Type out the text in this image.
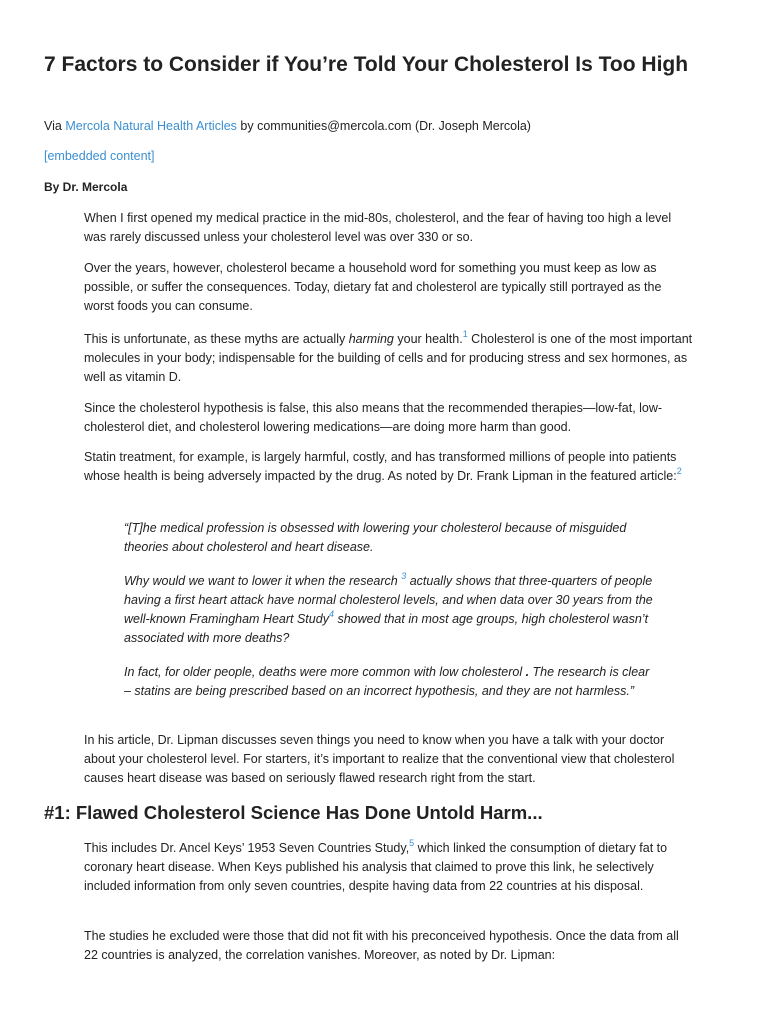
7 Factors to Consider if You’re Told Your Cholesterol Is Too High
Via Mercola Natural Health Articles by communities@mercola.com (Dr. Joseph Mercola)
[embedded content]
By Dr. Mercola

When I first opened my medical practice in the mid-80s, cholesterol, and the fear of having too high a level was rarely discussed unless your cholesterol level was over 330 or so.

Over the years, however, cholesterol became a household word for something you must keep as low as possible, or suffer the consequences. Today, dietary fat and cholesterol are typically still portrayed as the worst foods you can consume.

This is unfortunate, as these myths are actually harming your health.$^1$ Cholesterol is one of the most important molecules in your body; indispensable for the building of cells and for producing stress and sex hormones, as well as vitamin D.

Since the cholesterol hypothesis is false, this also means that the recommended therapies—low-fat, low-cholesterol diet, and cholesterol lowering medications—are doing more harm than good.

Statin treatment, for example, is largely harmful, costly, and has transformed millions of people into patients whose health is being adversely impacted by the drug. As noted by Dr. Frank Lipman in the featured article:$^2$

“[T]he medical profession is obsessed with lowering your cholesterol because of misguided theories about cholesterol and heart disease.

Why would we want to lower it when the research $^3$ actually shows that three-quarters of people having a first heart attack have normal cholesterol levels, and when data over 30 years from the well-known Framingham Heart Study$^4$ showed that in most age groups, high cholesterol wasn’t associated with more deaths?

In fact, for older people, deaths were more common with low cholesterol . The research is clear – statins are being prescribed based on an incorrect hypothesis, and they are not harmless.”

In his article, Dr. Lipman discusses seven things you need to know when you have a talk with your doctor about your cholesterol level. For starters, it’s important to realize that the conventional view that cholesterol causes heart disease was based on seriously flawed research right from the start.

#1: Flawed Cholesterol Science Has Done Untold Harm...

This includes Dr. Ancel Keys’ 1953 Seven Countries Study,$^5$ which linked the consumption of dietary fat to coronary heart disease. When Keys published his analysis that claimed to prove this link, he selectively included information from only seven countries, despite having data from 22 countries at his disposal.

The studies he excluded were those that did not fit with his preconceived hypothesis. Once the data from all 22 countries is analyzed, the correlation vanishes. Moreover, as noted by Dr. Lipman:
